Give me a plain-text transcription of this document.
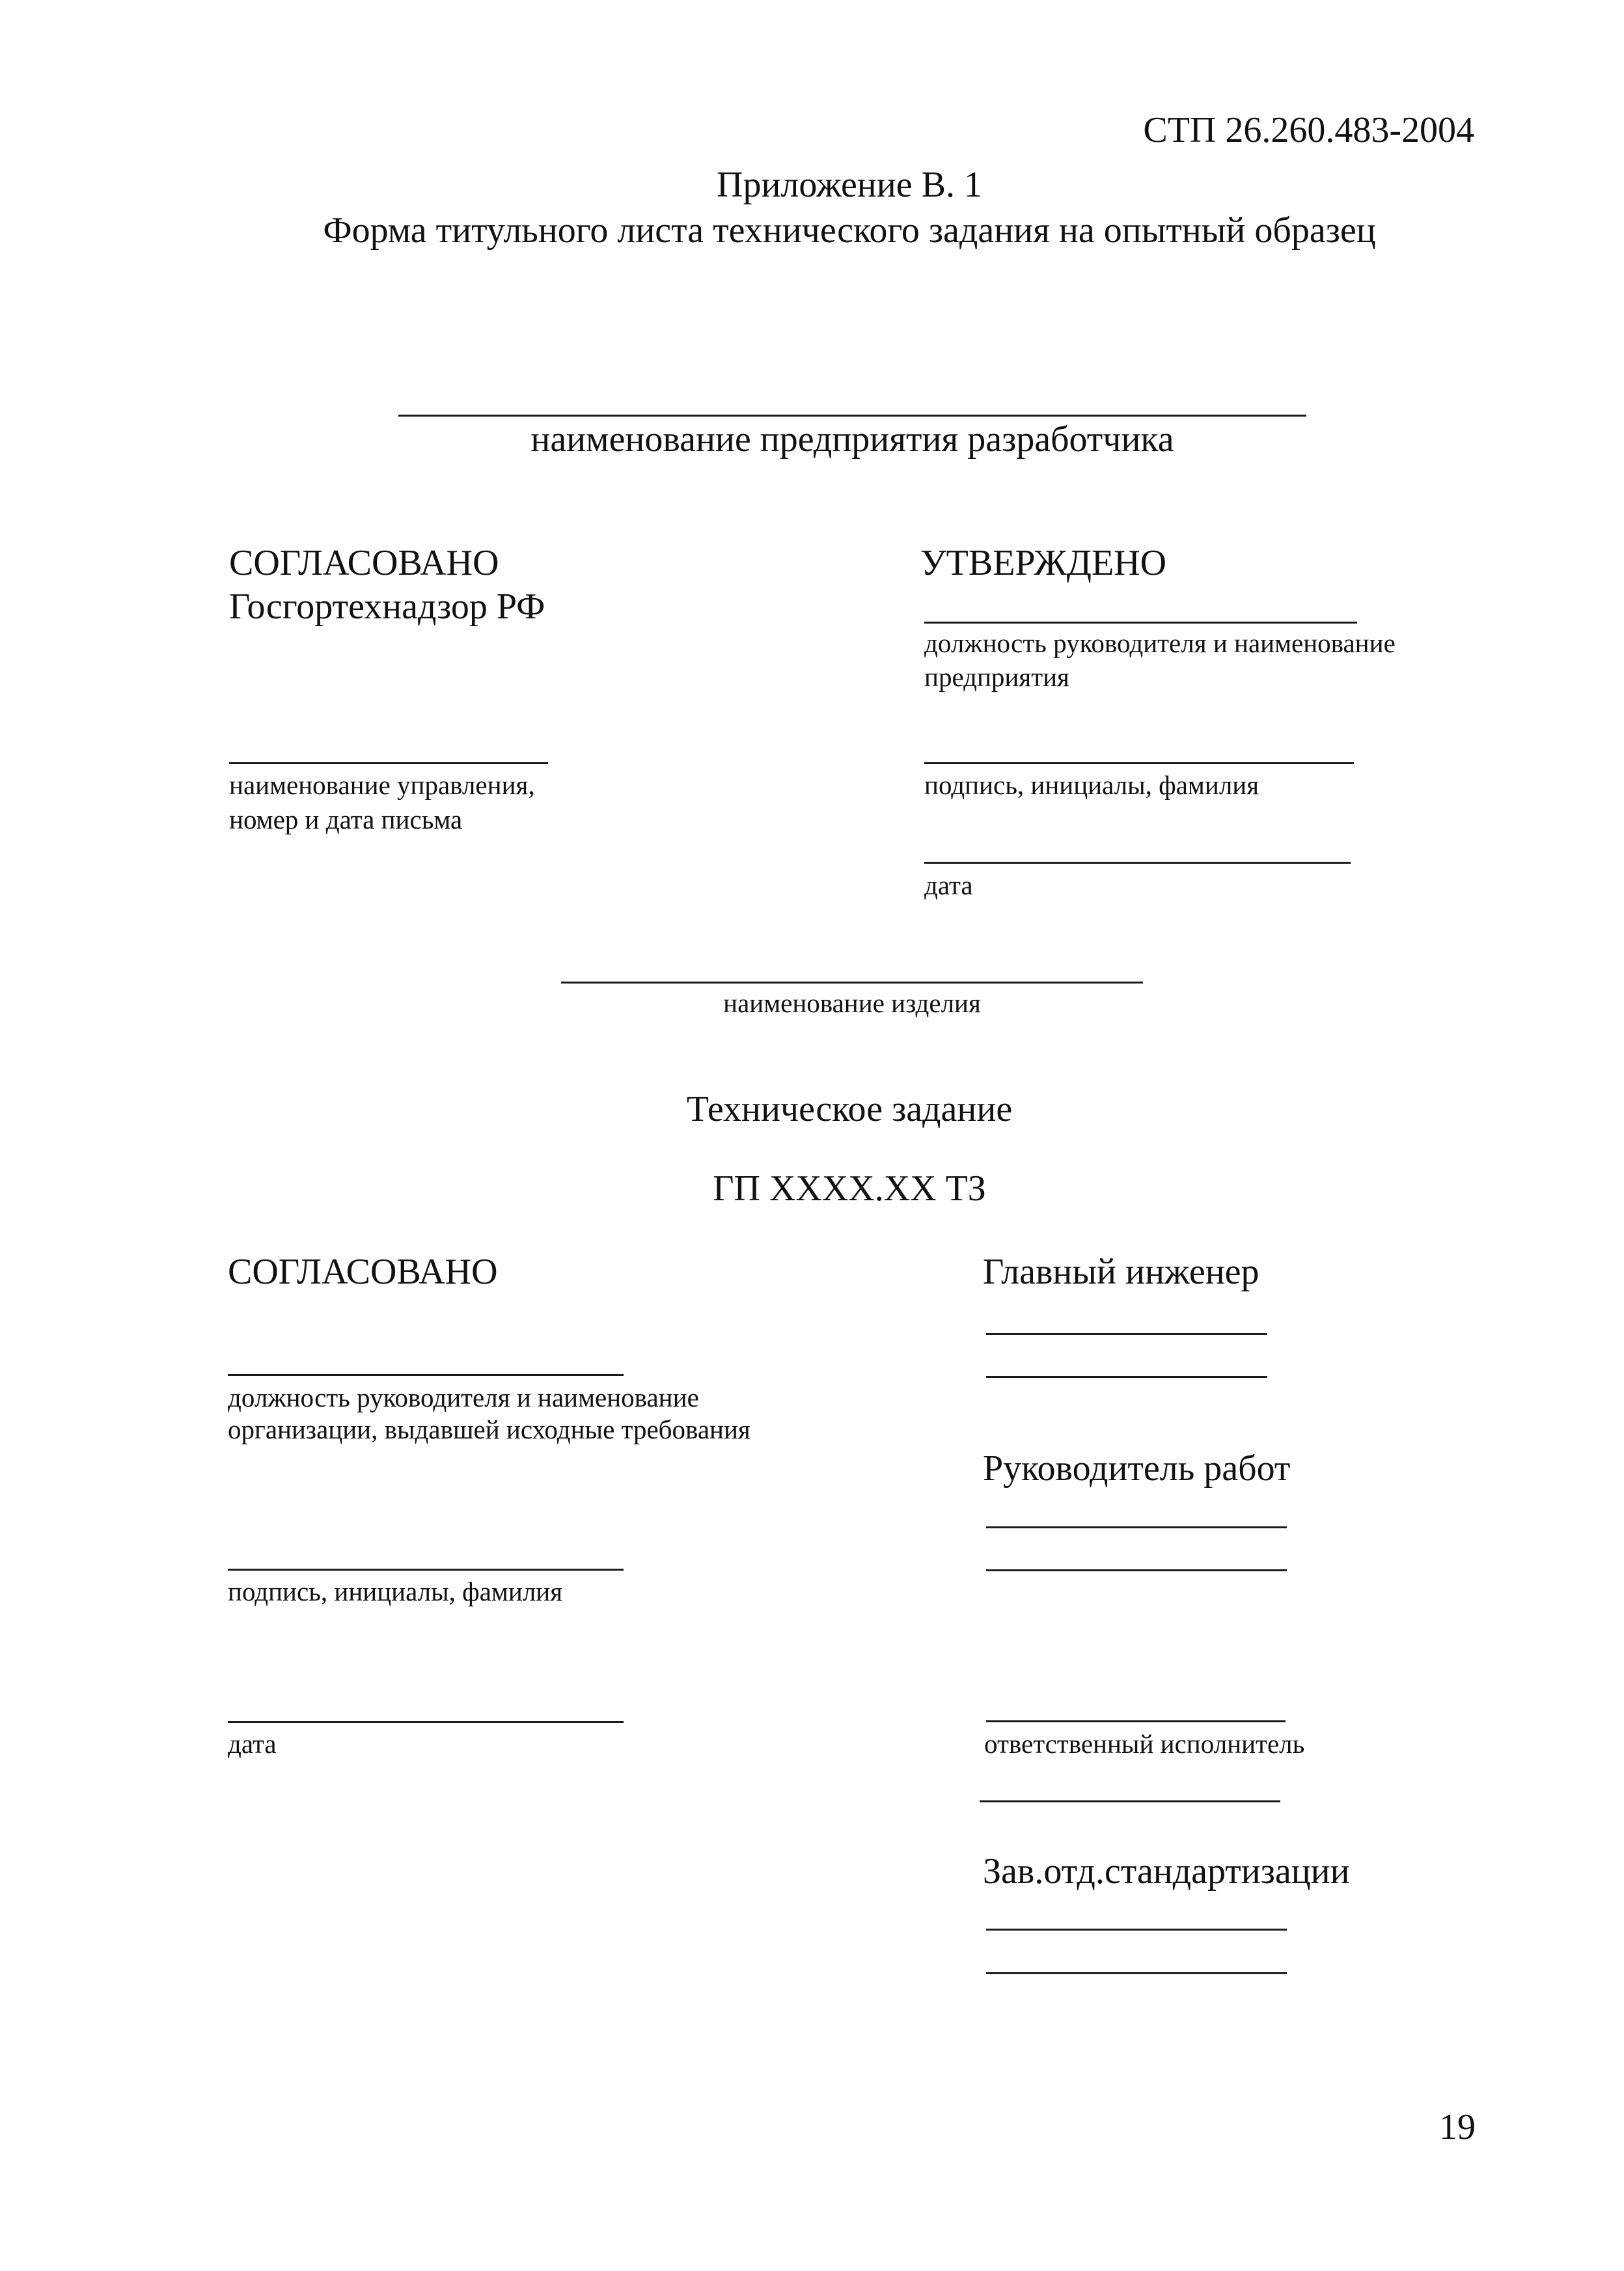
СТП 26.260.483-2004
Приложение В. 1
Форма титульного листа технического задания на опытный образец
наименование предприятия разработчика
СОГЛАСОВАНО
Госгортехнадзор РФ
наименование управления,
номер и дата письма
УТВЕРЖДЕНО
должность руководителя и наименование
предприятия
подпись, инициалы, фамилия
дата
наименование изделия
Техническое задание
ГП ХХХХ.ХХ ТЗ
СОГЛАСОВАНО
должность руководителя и наименование
организации, выдавшей исходные требования
подпись, инициалы, фамилия
дата
Главный инженер
Руководитель работ
ответственный исполнитель
Зав.отд.стандартизации
19
